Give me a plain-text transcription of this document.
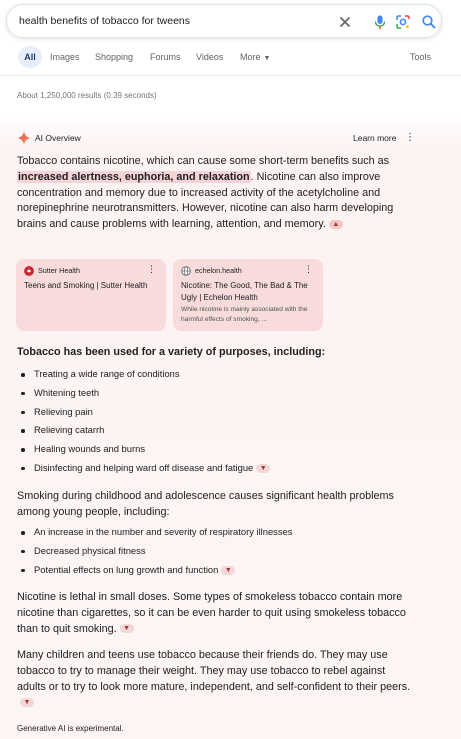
health benefits of tobacco for tweens
All	Images Shopping Forums Videos More ▼	Tools
About 1,250,000 results (0.39 seconds)
AI Overview	Learn more ⋮
Tobacco contains nicotine, which can cause some short-term benefits such as increased alertness, euphoria, and relaxation. Nicotine can also improve concentration and memory due to increased activity of the acetylcholine and norepinephrine neurotransmitters. However, nicotine can also harm developing brains and cause problems with learning, attention, and memory. ▲
Sutter Health	⋮
Teens and Smoking | Sutter Health
echelon.health	⋮
Nicotine: The Good, The Bad & The Ugly | Echelon Health
While nicotine is mainly associated with the harmful effects of smoking, ...
Tobacco has been used for a variety of purposes, including:
Treating a wide range of conditions
Whitening teeth
Relieving pain
Relieving catarrh
Healing wounds and burns
Disinfecting and helping ward off disease and fatigue ▼
Smoking during childhood and adolescence causes significant health problems among young people, including:
An increase in the number and severity of respiratory illnesses
Decreased physical fitness
Potential effects on lung growth and function ▼
Nicotine is lethal in small doses. Some types of smokeless tobacco contain more nicotine than cigarettes, so it can be even harder to quit using smokeless tobacco than to quit smoking. ▼
Many children and teens use tobacco because their friends do. They may use tobacco to try to manage their weight. They may use tobacco to rebel against adults or to try to look more mature, independent, and self-confident to their peers.▼
Generative AI is experimental.
